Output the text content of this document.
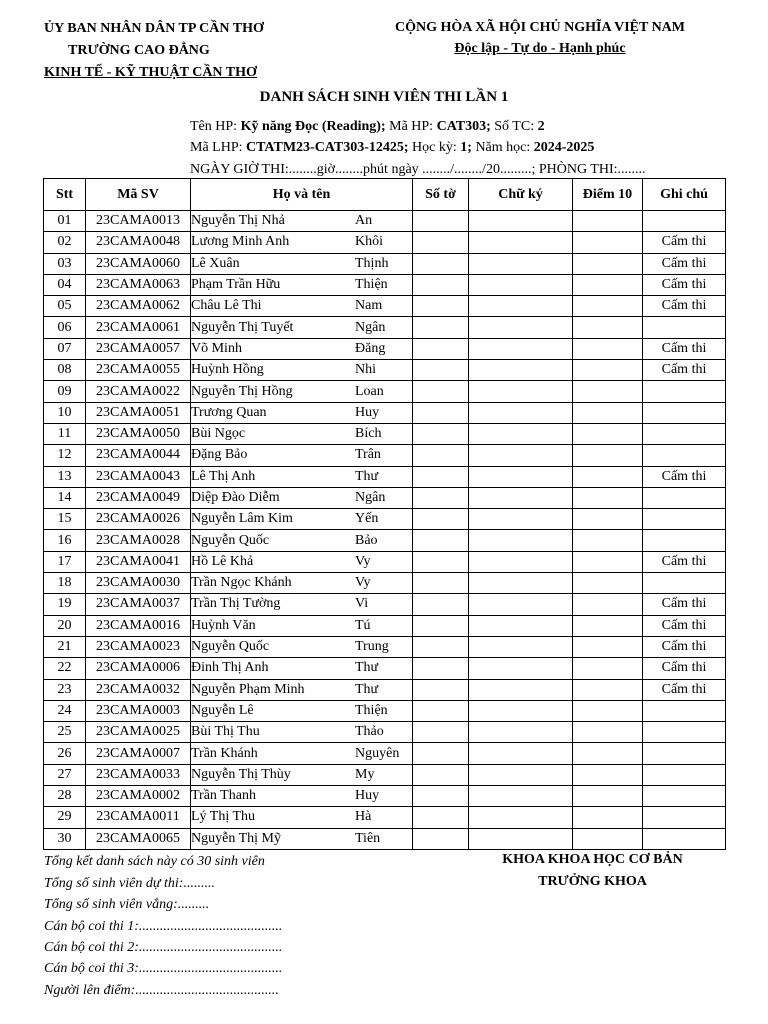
ỦY BAN NHÂN DÂN TP CẦN THƠ
TRƯỜNG CAO ĐẲNG
KINH TẾ - KỸ THUẬT CẦN THƠ
CỘNG HÒA XÃ HỘI CHỦ NGHĨA VIỆT NAM
Độc lập - Tự do - Hạnh phúc
DANH SÁCH SINH VIÊN THI LẦN 1
Tên HP: Kỹ năng Đọc (Reading); Mã HP: CAT303; Số TC: 2
Mã LHP: CTATM23-CAT303-12425; Học kỳ: 1; Năm học: 2024-2025
NGÀY GIỜ THI:........giờ........phút ngày ......../......../20.........; PHÒNG THI:........
Stt	Mã SV	Họ và tên	Số tờ	Chữ ký	Điểm 10	Ghi chú
01	23CAMA0013	Nguyễn Thị Nhả An				

02	23CAMA0048	Lương Minh Anh Khôi				Cấm thi
03	23CAMA0060	Lê Xuân Thịnh				Cấm thi
04	23CAMA0063	Phạm Trần Hữu Thiện				Cấm thi
05	23CAMA0062	Châu Lê Thi Nam				Cấm thi
06	23CAMA0061	Nguyễn Thị Tuyết Ngân				

07	23CAMA0057	Võ Minh Đăng				Cấm thi
08	23CAMA0055	Huỳnh Hồng Nhi				Cấm thi
09	23CAMA0022	Nguyễn Thị Hồng Loan				

10	23CAMA0051	Trương Quan Huy				

11	23CAMA0050	Bùi Ngọc Bích				

12	23CAMA0044	Đặng Bảo Trân				

13	23CAMA0043	Lê Thị Anh Thư				Cấm thi
14	23CAMA0049	Diệp Đào Diễm Ngân				

15	23CAMA0026	Nguyễn Lâm Kim Yến				

16	23CAMA0028	Nguyễn Quốc Bảo				

17	23CAMA0041	Hồ Lê Khả Vy				Cấm thi
18	23CAMA0030	Trần Ngọc Khánh Vy				

19	23CAMA0037	Trần Thị Tường Vi				Cấm thi
20	23CAMA0016	Huỳnh Văn Tú				Cấm thi
21	23CAMA0023	Nguyễn Quốc Trung				Cấm thi
22	23CAMA0006	Đinh Thị Anh Thư				Cấm thi
23	23CAMA0032	Nguyễn Phạm Minh Thư				Cấm thi
24	23CAMA0003	Nguyễn Lê Thiện				

25	23CAMA0025	Bùi Thị Thu Thảo				

26	23CAMA0007	Trần Khánh Nguyên				

27	23CAMA0033	Nguyễn Thị Thùy My				

28	23CAMA0002	Trần Thanh Huy				

29	23CAMA0011	Lý Thị Thu Hà				

30	23CAMA0065	Nguyễn Thị Mỹ Tiên				

Tổng kết danh sách này có 30 sinh viên
Tổng số sinh viên dự thi:.........
Tổng số sinh viên vắng:.........
Cán bộ coi thi 1:.........................................
Cán bộ coi thi 2:.........................................
Cán bộ coi thi 3:.........................................
Người lên điểm:.........................................
KHOA KHOA HỌC CƠ BẢN
TRƯỞNG KHOA
